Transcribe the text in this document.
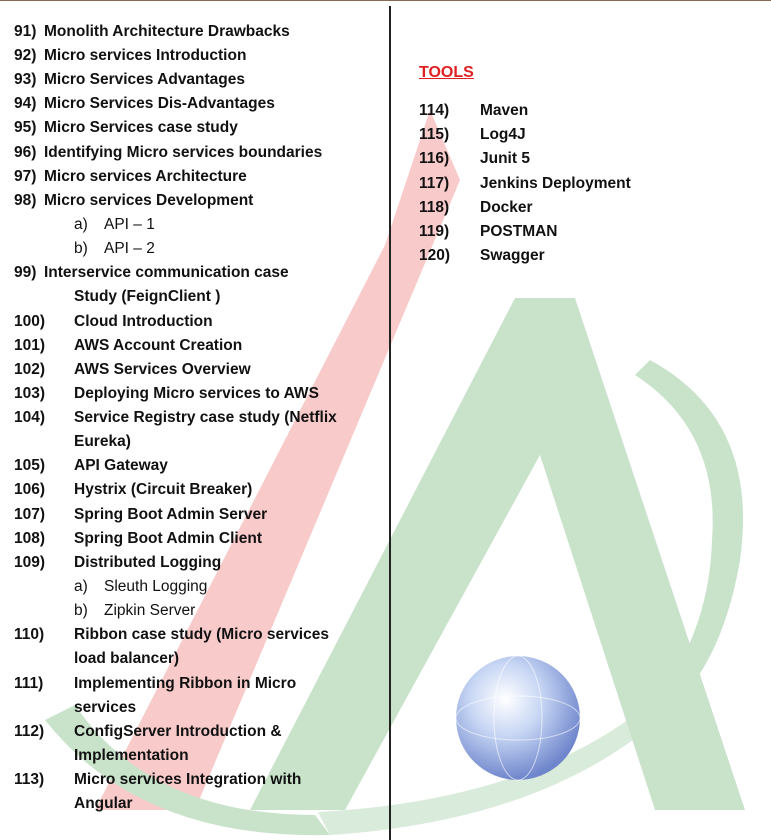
91) Monolith Architecture Drawbacks
92) Micro services Introduction
93) Micro Services Advantages
94) Micro Services Dis-Advantages
95) Micro Services case study
96) Identifying Micro services boundaries
97) Micro services Architecture
98) Micro services Development
a) API – 1
b) API – 2
99) Interservice communication case
Study (FeignClient )
100) Cloud Introduction
101) AWS Account Creation
102) AWS Services Overview
103) Deploying Micro services to AWS
104) Service Registry case study (Netflix
Eureka)
105) API Gateway
106) Hystrix (Circuit Breaker)
107) Spring Boot Admin Server
108) Spring Boot Admin Client
109) Distributed Logging
a) Sleuth Logging
b) Zipkin Server
110) Ribbon case study (Micro services
load balancer)
111) Implementing Ribbon in Micro
services
112) ConfigServer Introduction &
Implementation
113) Micro services Integration with
Angular
TOOLS
114) Maven
115) Log4J
116) Junit 5
117) Jenkins Deployment
118) Docker
119) POSTMAN
120) Swagger
